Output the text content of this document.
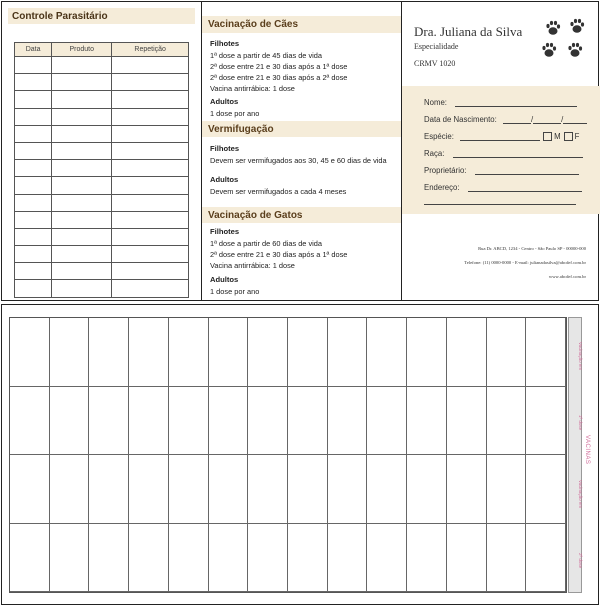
Controle Parasitário
Data	Produto	Repetição

Vacinação de Cães
Filhotes
1ª dose a partir de 45 dias de vida
2ª dose entre 21 e 30 dias após a 1ª dose
2ª dose entre 21 e 30 dias após a 2ª dose
Vacina antirrábica: 1 dose
Adultos
1 dose por ano
Vermifugação
Filhotes
Devem ser vermifugados aos 30, 45 e 60 dias de vida
Adultos
Devem ser vermifugados a cada 4 meses
Vacinação de Gatos
Filhotes
1ª dose a partir de 60 dias de vida
2ª dose entre 21 e 30 dias após a 1ª dose
Vacina antirrábica: 1 dose
Adultos
1 dose por ano
Dra. Juliana da Silva
Especialidade
CRMV 1020
Nome:
Data de Nascimento:	/	/
Espécie:	M F
Raça:
Proprietário:
Endereço:
Rua Dr. ABCD, 1234 - Centro - São Paulo SP - 00000-000
Telefone: (11) 0000-0000 - E-mail: julianadasilva@abcdef.com.br
www.abcdef.com.br
Vacinação em
1ª dose
Vacinação em
2ª dose
VACINAS
